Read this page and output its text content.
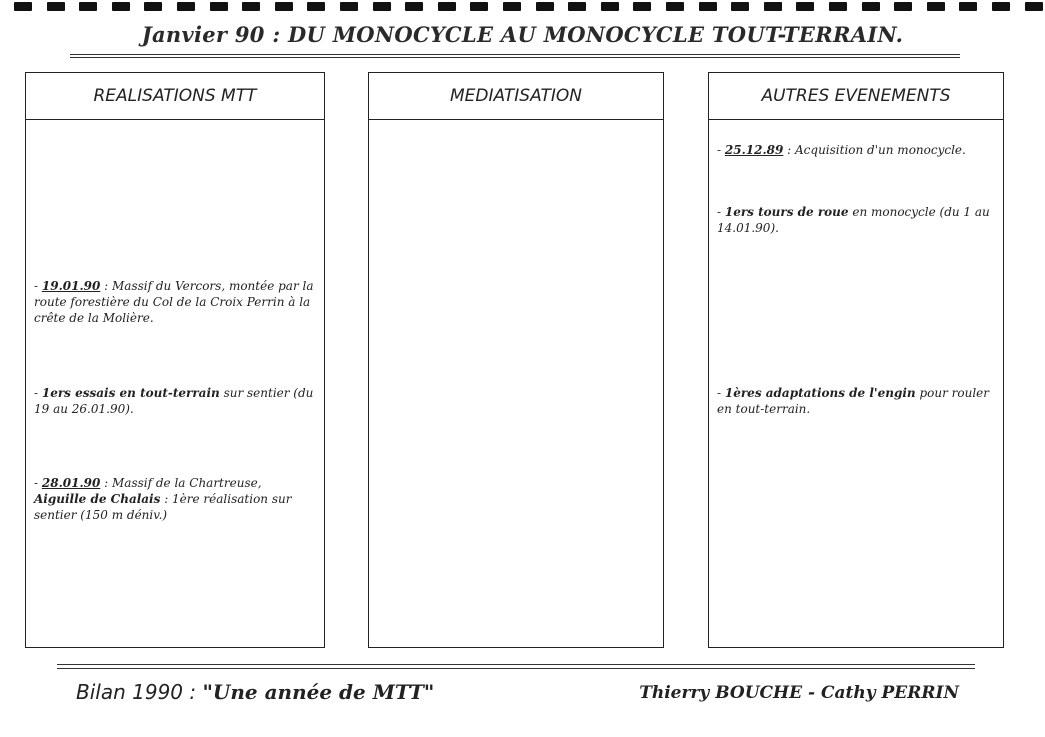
Janvier 90 : DU MONOCYCLE AU MONOCYCLE TOUT-TERRAIN.
REALISATIONS MTT
- 19.01.90 : Massif du Vercors, montée par la route forestière du Col de la Croix Perrin à la crête de la Molière.
- 1ers essais en tout-terrain sur sentier (du 19 au 26.01.90).
- 28.01.90 : Massif de la Chartreuse,
Aiguille de Chalais : 1ère réalisation sur sentier (150 m déniv.)
MEDIATISATION	AUTRES EVENEMENTS
- 25.12.89 : Acquisition d'un monocycle.
- 1ers tours de roue en monocycle (du 1 au 14.01.90).
- 1ères adaptations de l'engin pour rouler en tout-terrain.
Bilan 1990 : "Une année de MTT"	Thierry BOUCHE - Cathy PERRIN
